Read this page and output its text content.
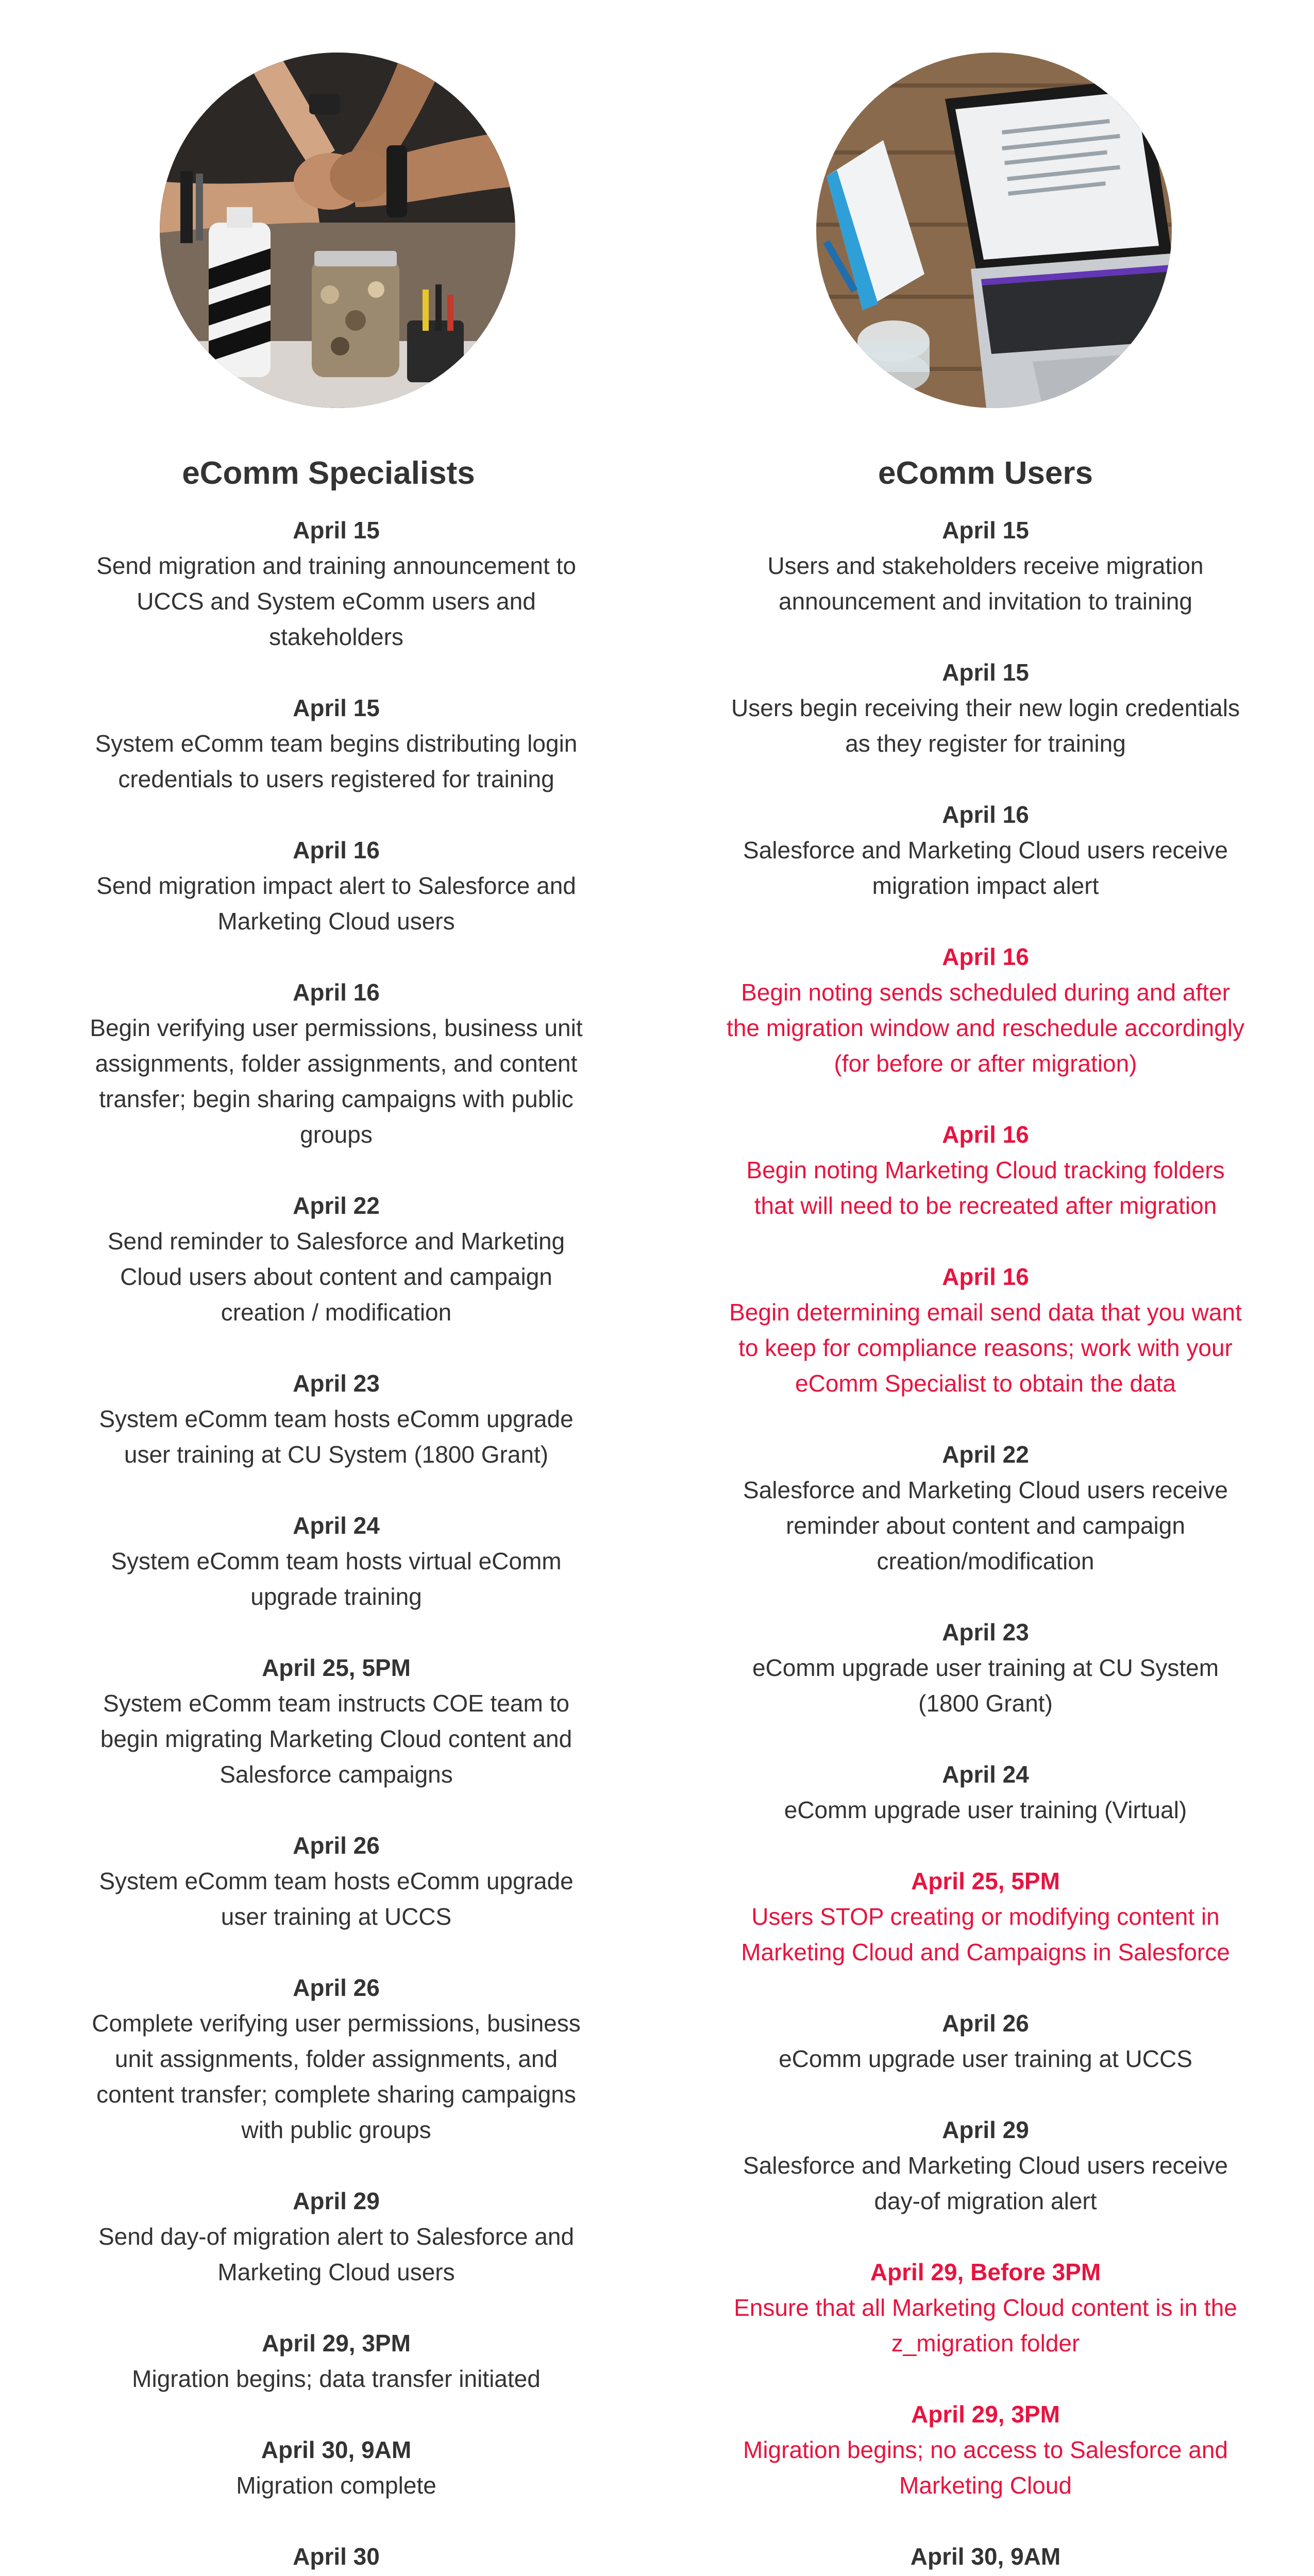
eComm Specialists
April 15
Send migration and training announcement to UCCS and System eComm users and stakeholders
April 15
System eComm team begins distributing login credentials to users registered for training
April 16
Send migration impact alert to Salesforce and Marketing Cloud users
April 16
Begin verifying user permissions, business unit assignments, folder assignments, and content transfer; begin sharing campaigns with public groups
April 22
Send reminder to Salesforce and Marketing Cloud users about content and campaign creation / modification
April 23
System eComm team hosts eComm upgrade user training at CU System (1800 Grant)
April 24
System eComm team hosts virtual eComm upgrade training
April 25, 5PM
System eComm team instructs COE team to begin migrating Marketing Cloud content and Salesforce campaigns
April 26
System eComm team hosts eComm upgrade user training at UCCS
April 26
Complete verifying user permissions, business unit assignments, folder assignments, and content transfer; complete sharing campaigns with public groups
April 29
Send day-of migration alert to Salesforce and Marketing Cloud users
April 29, 3PM
Migration begins; data transfer initiated
April 30, 9AM
Migration complete
April 30
eComm Users
April 15
Users and stakeholders receive migration announcement and invitation to training
April 15
Users begin receiving their new login credentials as they register for training
April 16
Salesforce and Marketing Cloud users receive migration impact alert
April 16
Begin noting sends scheduled during and after the migration window and reschedule accordingly (for before or after migration)
April 16
Begin noting Marketing Cloud tracking folders that will need to be recreated after migration
April 16
Begin determining email send data that you want to keep for compliance reasons; work with your eComm Specialist to obtain the data
April 22
Salesforce and Marketing Cloud users receive reminder about content and campaign creation/modification
April 23
eComm upgrade user training at CU System (1800 Grant)
April 24
eComm upgrade user training (Virtual)
April 25, 5PM
Users STOP creating or modifying content in Marketing Cloud and Campaigns in Salesforce
April 26
eComm upgrade user training at UCCS
April 29
Salesforce and Marketing Cloud users receive day-of migration alert
April 29, Before 3PM
Ensure that all Marketing Cloud content is in the z_migration folder
April 29, 3PM
Migration begins; no access to Salesforce and Marketing Cloud
April 30, 9AM
